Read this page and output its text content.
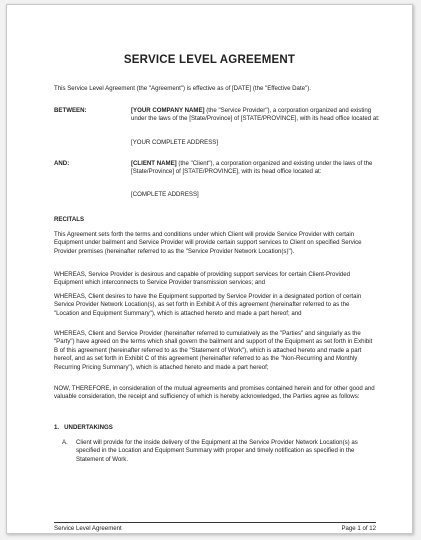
SERVICE LEVEL AGREEMENT
This Service Level Agreement (the "Agreement") is effective as of [DATE] (the "Effective Date").
BETWEEN:	[YOUR COMPANY NAME] (the "Service Provider"), a corporation organized and existing under the laws of the [State/Province] of [STATE/PROVINCE], with its head office located at:
[YOUR COMPLETE ADDRESS]
AND:	[CLIENT NAME] (the "Client"), a corporation organized and existing under the laws of the [State/Province] of [STATE/PROVINCE], with its head office located at:
[COMPLETE ADDRESS]
RECITALS
This Agreement sets forth the terms and conditions under which Client will provide Service Provider with certain Equipment under bailment and Service Provider will provide certain support services to Client on specified Service Provider premises (hereinafter referred to as the "Service Provider Network Location(s)").
WHEREAS, Service Provider is desirous and capable of providing support services for certain Client-Provided Equipment which interconnects to Service Provider transmission services; and
WHEREAS, Client desires to have the Equipment supported by Service Provider in a designated portion of certain Service Provider Network Location(s), as set forth in Exhibit A of this agreement (hereinafter referred to as the "Location and Equipment Summary"), which is attached hereto and made a part hereof; and
WHEREAS, Client and Service Provider (hereinafter referred to cumulatively as the "Parties" and singularly as the "Party") have agreed on the terms which shall govern the bailment and support of the Equipment as set forth in Exhibit B of this agreement (hereinafter referred to as the "Statement of Work"), which is attached hereto and made a part hereof, and as set forth in Exhibit C of this agreement (hereinafter referred to as the "Non-Recurring and Monthly Recurring Pricing Summary"), which is attached hereto and made a part hereof;
NOW, THEREFORE, in consideration of the mutual agreements and promises contained herein and for other good and valuable consideration, the receipt and sufficiency of which is hereby acknowledged, the Parties agree as follows:
1.   UNDERTAKINGS
A. Client will provide for the inside delivery of the Equipment at the Service Provider Network Location(s) as specified in the Location and Equipment Summary with proper and timely notification as specified in the Statement of Work.
Service Level Agreement	Page 1 of 12
